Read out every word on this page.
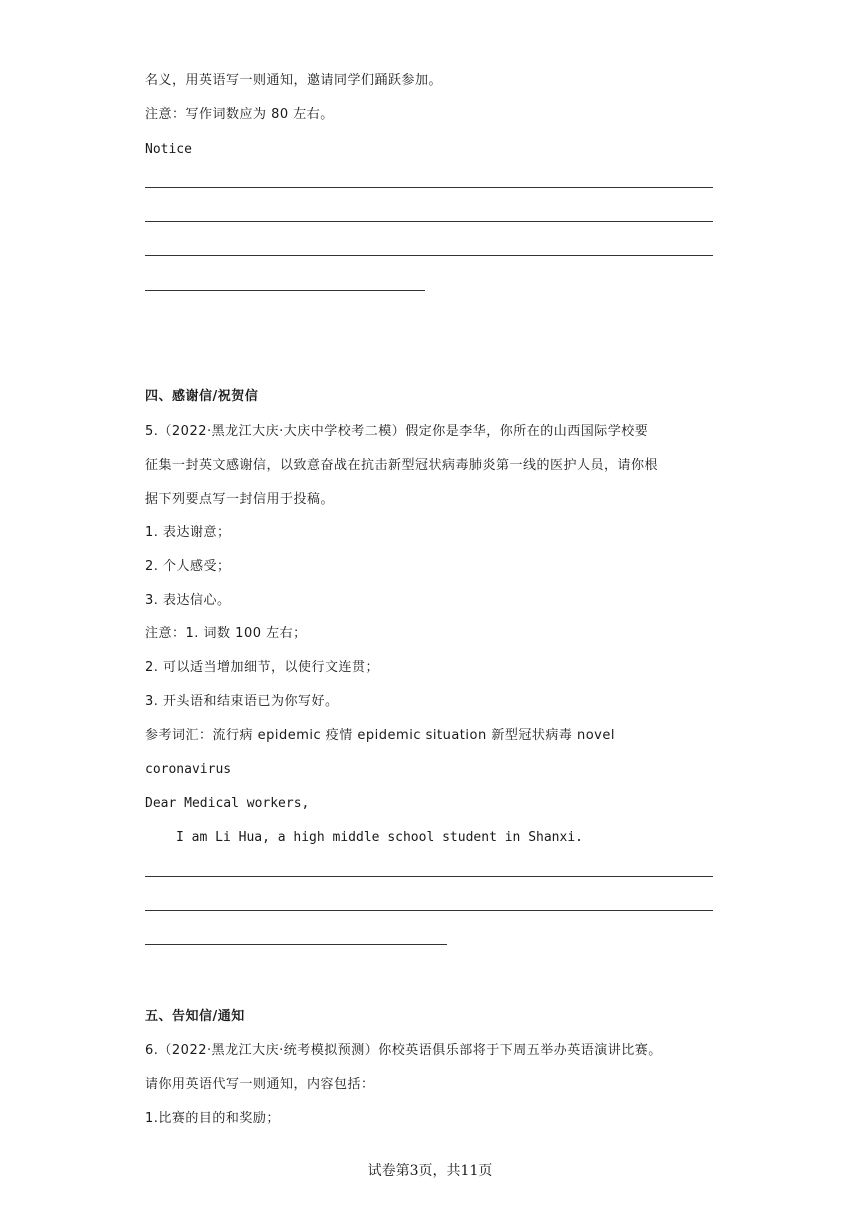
名义，用英语写一则通知，邀请同学们踊跃参加。

注意：写作词数应为 80 左右。

Notice

四、感谢信/祝贺信

5.（2022·黑龙江大庆·大庆中学校考二模）假定你是李华，你所在的山西国际学校要

征集一封英文感谢信，以致意奋战在抗击新型冠状病毒肺炎第一线的医护人员，请你根

据下列要点写一封信用于投稿。

1. 表达谢意；

2. 个人感受；

3. 表达信心。

注意：1. 词数 100 左右；

2. 可以适当增加细节，以使行文连贯；

3. 开头语和结束语已为你写好。

参考词汇：流行病 epidemic 疫情 epidemic situation 新型冠状病毒 novel

coronavirus

Dear Medical workers,

I am Li Hua, a high middle school student in Shanxi.

五、告知信/通知

6.（2022·黑龙江大庆·统考模拟预测）你校英语俱乐部将于下周五举办英语演讲比赛。

请你用英语代写一则通知，内容包括：

1.比赛的目的和奖励；

试卷第3页，共11页
